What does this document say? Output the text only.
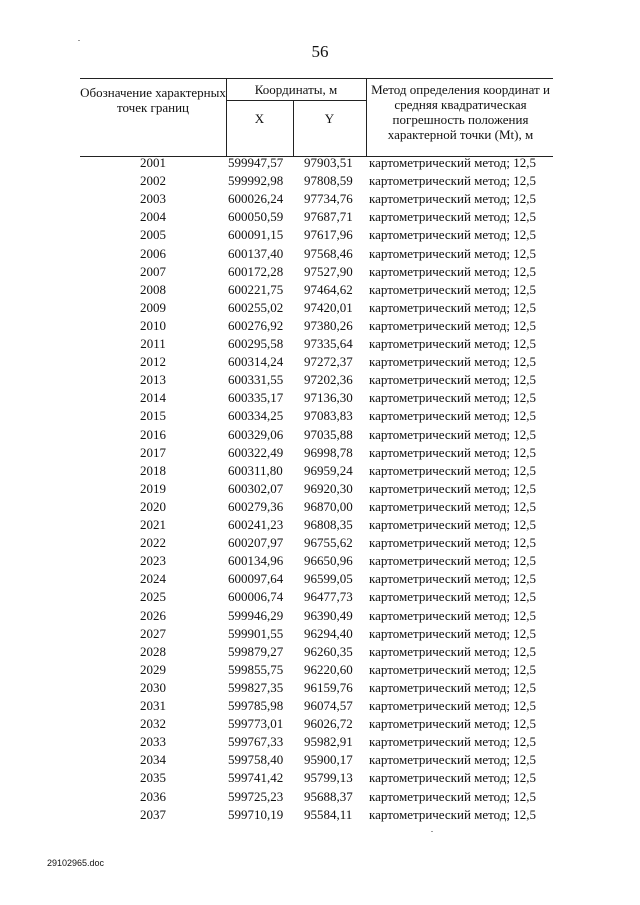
56
Обозначение характерных точек границ
Координаты, м
X	Y
Метод определения координат и средняя квадратическая погрешность положения характерной точки (Mt), м
2001	599947,57	97903,51	картометрический метод; 12,5
2002	599992,98	97808,59	картометрический метод; 12,5
2003	600026,24	97734,76	картометрический метод; 12,5
2004	600050,59	97687,71	картометрический метод; 12,5
2005	600091,15	97617,96	картометрический метод; 12,5
2006	600137,40	97568,46	картометрический метод; 12,5
2007	600172,28	97527,90	картометрический метод; 12,5
2008	600221,75	97464,62	картометрический метод; 12,5
2009	600255,02	97420,01	картометрический метод; 12,5
2010	600276,92	97380,26	картометрический метод; 12,5
2011	600295,58	97335,64	картометрический метод; 12,5
2012	600314,24	97272,37	картометрический метод; 12,5
2013	600331,55	97202,36	картометрический метод; 12,5
2014	600335,17	97136,30	картометрический метод; 12,5
2015	600334,25	97083,83	картометрический метод; 12,5
2016	600329,06	97035,88	картометрический метод; 12,5
2017	600322,49	96998,78	картометрический метод; 12,5
2018	600311,80	96959,24	картометрический метод; 12,5
2019	600302,07	96920,30	картометрический метод; 12,5
2020	600279,36	96870,00	картометрический метод; 12,5
2021	600241,23	96808,35	картометрический метод; 12,5
2022	600207,97	96755,62	картометрический метод; 12,5
2023	600134,96	96650,96	картометрический метод; 12,5
2024	600097,64	96599,05	картометрический метод; 12,5
2025	600006,74	96477,73	картометрический метод; 12,5
2026	599946,29	96390,49	картометрический метод; 12,5
2027	599901,55	96294,40	картометрический метод; 12,5
2028	599879,27	96260,35	картометрический метод; 12,5
2029	599855,75	96220,60	картометрический метод; 12,5
2030	599827,35	96159,76	картометрический метод; 12,5
2031	599785,98	96074,57	картометрический метод; 12,5
2032	599773,01	96026,72	картометрический метод; 12,5
2033	599767,33	95982,91	картометрический метод; 12,5
2034	599758,40	95900,17	картометрический метод; 12,5
2035	599741,42	95799,13	картометрический метод; 12,5
2036	599725,23	95688,37	картометрический метод; 12,5
2037	599710,19	95584,11	картометрический метод; 12,5
29102965.doc
